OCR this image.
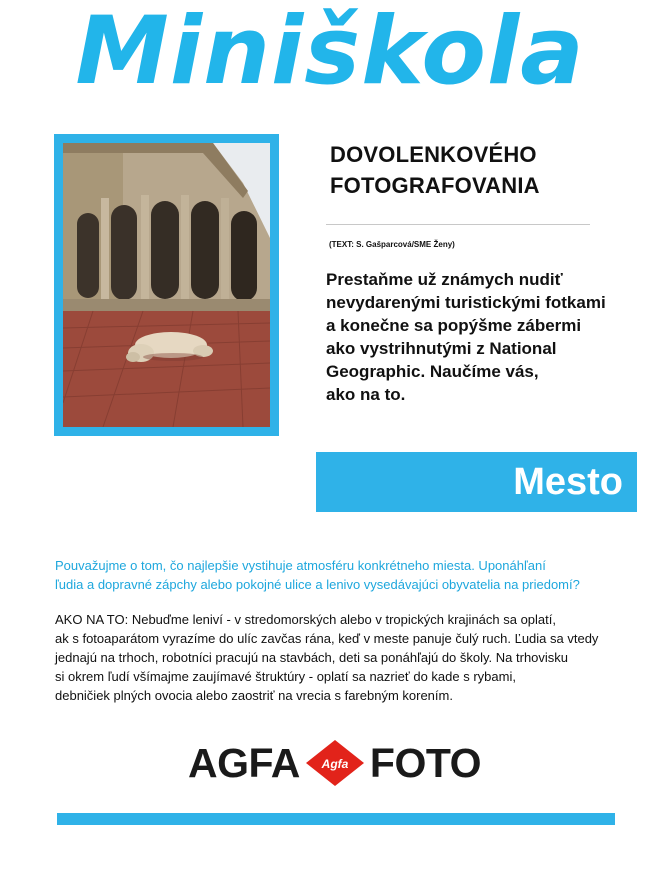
Miniškola
DOVOLENKOVÉHO
FOTOGRAFOVANIA
(TEXT: S. Gašparcová/SME Ženy)
Prestaňme už známych nudiť
nevydarenými turistickými fotkami
a konečne sa popýšme zábermi
ako vystrihnutými z National
Geographic. Naučíme vás,
ako na to.
Mesto
Pouvažujme o tom, čo najlepšie vystihuje atmosféru konkrétneho miesta. Uponáhľaní
ľudia a dopravné zápchy alebo pokojné ulice a lenivo vysedávajúci obyvatelia na priedomí?
AKO NA TO: Nebuďme leniví - v stredomorských alebo v tropických krajinách sa oplatí,
ak s fotoaparátom vyrazíme do ulíc zavčas rána, keď v meste panuje čulý ruch. Ľudia sa vtedy
jednajú na trhoch, robotníci pracujú na stavbách, deti sa ponáhľajú do školy. Na trhovisku
si okrem ľudí všímajme zaujímavé štruktúry - oplatí sa nazrieť do kade s rybami,
debničiek plných ovocia alebo zaostriť na vrecia s farebným korením.
AGFA Agfa FOTO
